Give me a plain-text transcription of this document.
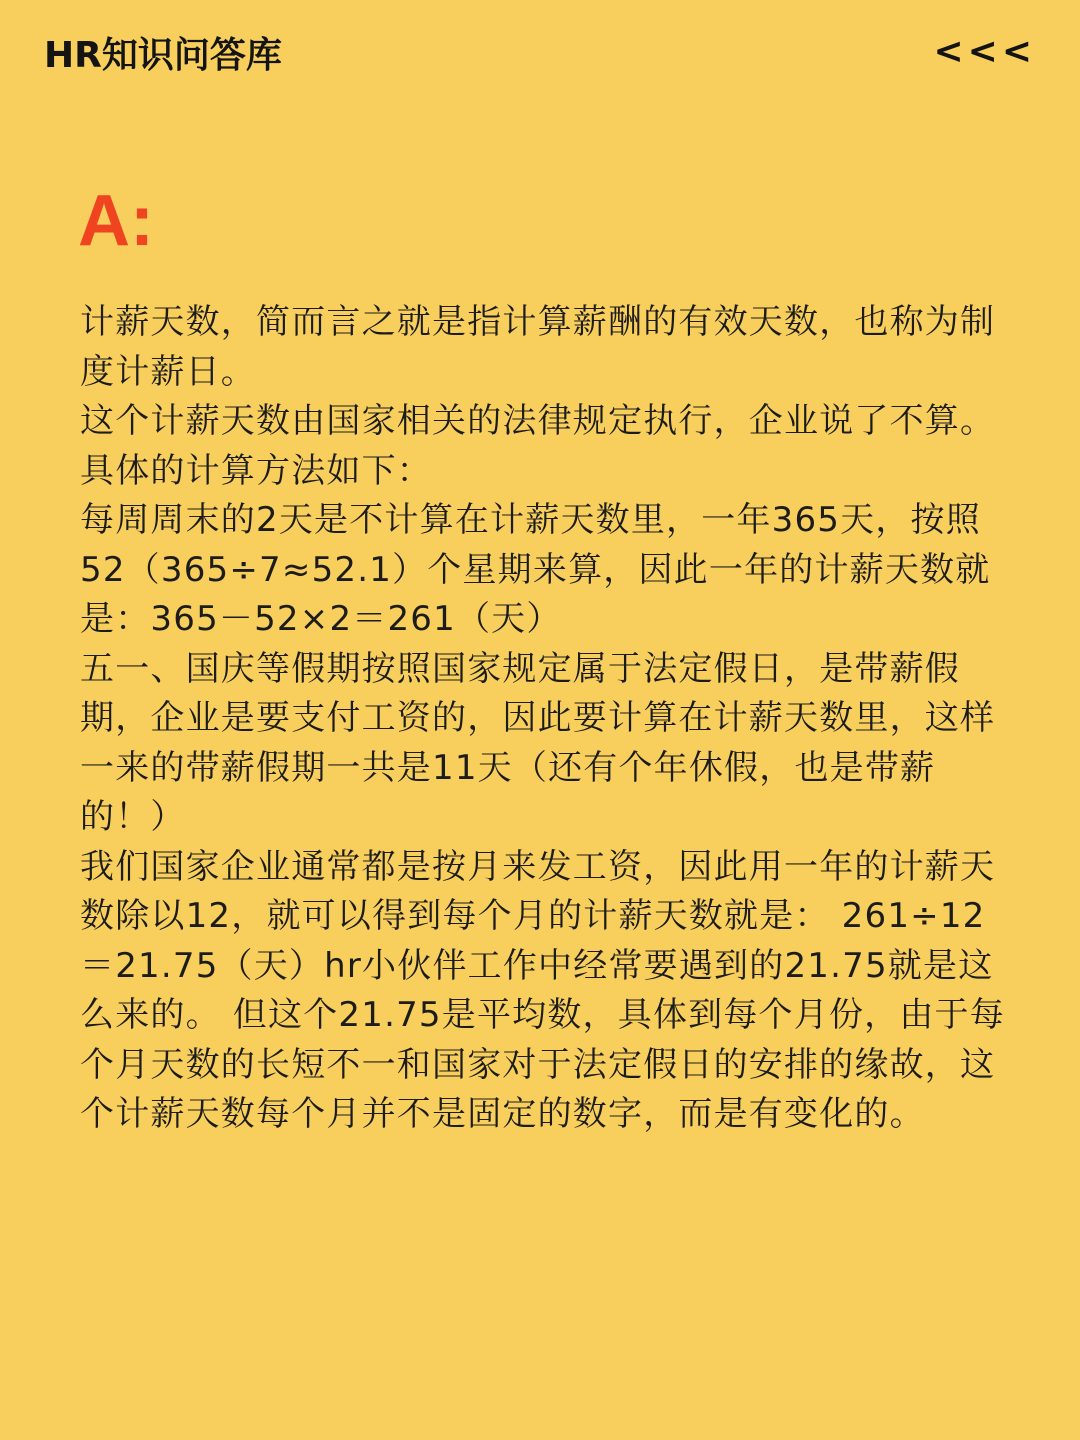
HR知识问答库	<<<
A:

计薪天数，简而言之就是指计算薪酬的有效天数，也称为制度计薪日。

这个计薪天数由国家相关的法律规定执行，企业说了不算。具体的计算方法如下：

每周周末的2天是不计算在计薪天数里，一年365天，按照52（365÷7≈52.1）个星期来算，因此一年的计薪天数就是：365－52×2＝261（天）

五一、国庆等假期按照国家规定属于法定假日，是带薪假期，企业是要支付工资的，因此要计算在计薪天数里，这样一来的带薪假期一共是11天（还有个年休假，也是带薪的！）

我们国家企业通常都是按月来发工资，因此用一年的计薪天数除以12，就可以得到每个月的计薪天数就是： 261÷12＝21.75（天）hr小伙伴工作中经常要遇到的21.75就是这么来的。 但这个21.75是平均数，具体到每个月份，由于每个月天数的长短不一和国家对于法定假日的安排的缘故，这个计薪天数每个月并不是固定的数字，而是有变化的。
